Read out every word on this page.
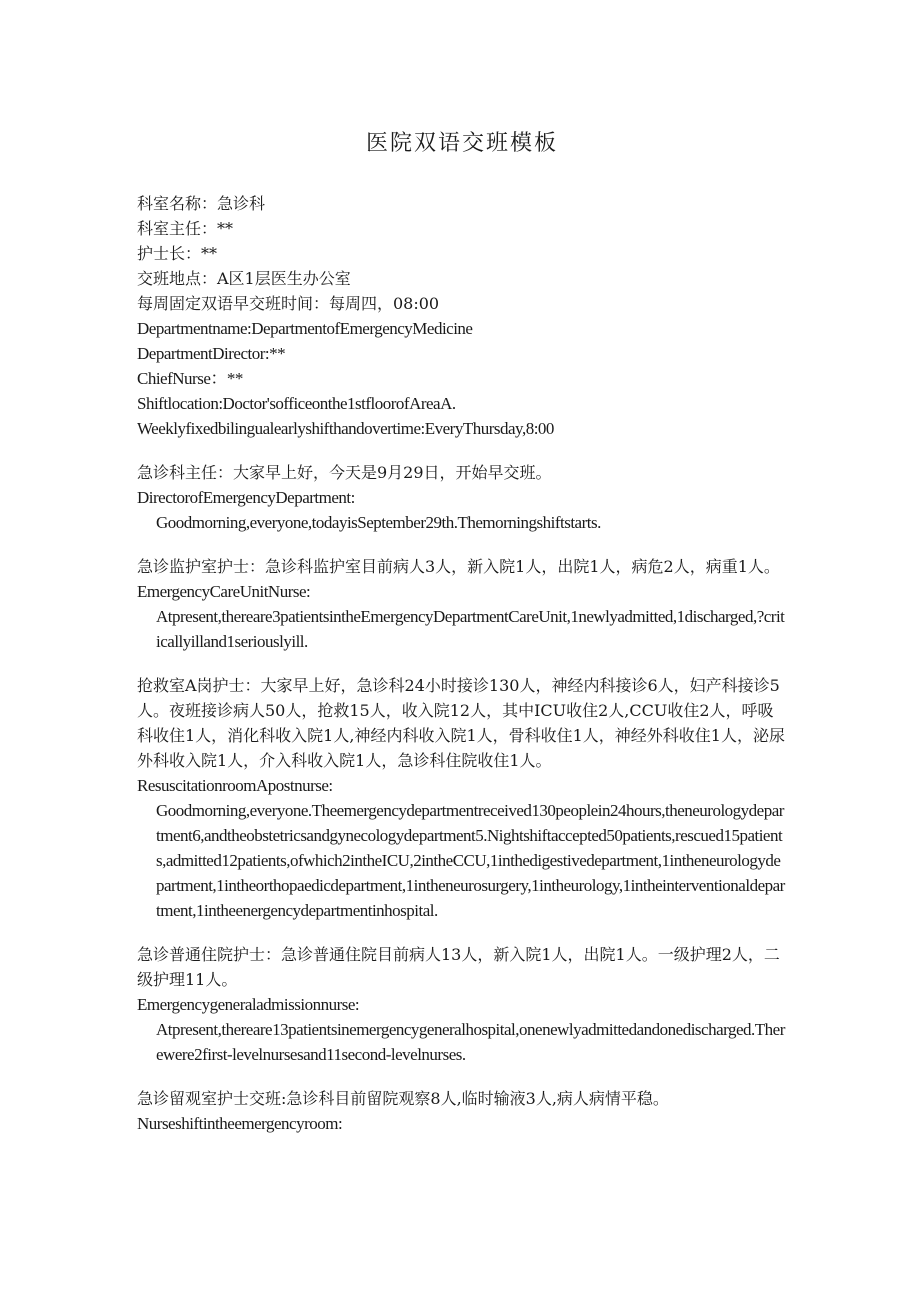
医院双语交班模板

科室名称：急诊科

科室主任：**

护士长：**

交班地点：A区1层医生办公室

每周固定双语早交班时间：每周四，08:00

Departmentname:DepartmentofEmergencyMedicine

DepartmentDirector:**

ChiefNurse：**

Shiftlocation:Doctor'sofficeonthe1stfloorofAreaA.

Weeklyfixedbilingualearlyshifthandovertime:EveryThursday,8:00

急诊科主任：大家早上好，今天是9月29日，开始早交班。

DirectorofEmergencyDepartment:

Goodmorning,everyone,todayisSeptember29th.Themorningshiftstarts.

急诊监护室护士：急诊科监护室目前病人3人，新入院1人，出院1人，病危2人，病重1人。

EmergencyCareUnitNurse:

Atpresent,thereare3patientsintheEmergencyDepartmentCareUnit,1newlyadmitted,1discharged,?criticallyilland1seriouslyill.

抢救室A岗护士：大家早上好，急诊科24小时接诊130人，神经内科接诊6人，妇产科接诊5人。夜班接诊病人50人，抢救15人，收入院12人，其中ICU收住2人,CCU收住2人，呼吸科收住1人，消化科收入院1人,神经内科收入院1人，骨科收住1人，神经外科收住1人，泌尿外科收入院1人，介入科收入院1人，急诊科住院收住1人。

ResuscitationroomApostnurse:

Goodmorning,everyone.Theemergencydepartmentreceived130peoplein24hours,theneurologydepartment6,andtheobstetricsandgynecologydepartment5.Nightshiftaccepted50patients,rescued15patients,admitted12patients,ofwhich2intheICU,2intheCCU,1inthedigestivedepartment,1intheneurologydepartment,1intheorthopaedicdepartment,1intheneurosurgery,1intheurology,1intheinterventionaldepartment,1intheenergencydepartmentinhospital.

急诊普通住院护士：急诊普通住院目前病人13人，新入院1人，出院1人。一级护理2人，二级护理11人。

Emergencygeneraladmissionnurse:

Atpresent,thereare13patientsinemergencygeneralhospital,onenewlyadmittedandonedischarged.Therewere2first-levelnursesand11second-levelnurses.

急诊留观室护士交班:急诊科目前留院观察8人,临时输液3人,病人病情平稳。

Nurseshiftintheemergencyroom:
